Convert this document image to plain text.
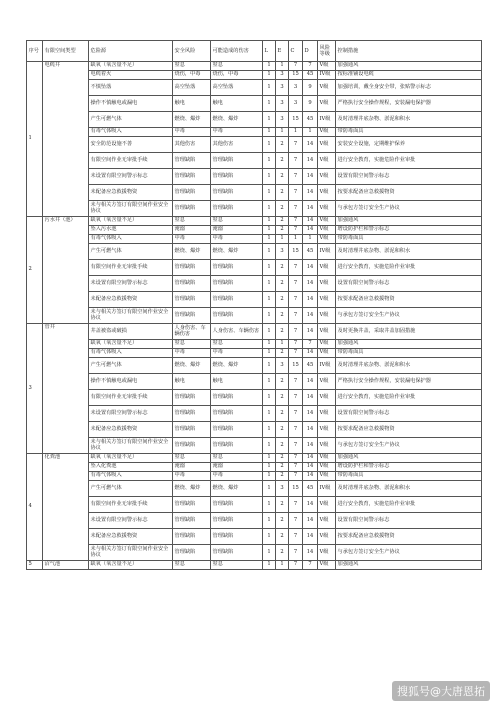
序号	有限空间类型	危险源	安全风险	可能造成的伤害	L	E	C	D	风险等级	控制措施
1	电缆井	缺氧（氧含量不足）	窒息	窒息	1	1	7	7	V级	加强通风
		电缆着火	烧伤，中毒	烧伤，中毒	1	3	15	45	IV级	按标准铺设电缆
		不慎坠落	高空坠落	高空坠落	1	3	3	9	V级	加强培训，戴全身安全带，张贴警示标志
		操作不慎触电或漏电	触电	触电	1	3	3	9	V级	严格执行安全操作规程，安装漏电保护器
		产生可燃气体	燃烧、爆炸	燃烧、爆炸	1	3	15	45	IV级	及时清理井底杂物、淤泥和积水
		有毒气体吸入	中毒	中毒	1	1	1	1	V级	带防毒面具
		安全防范设施不善	其他伤害	其他伤害	1	2	7	14	V级	安装安全设施，定期维护保养
		有限空间作业无审批手续	管理缺陷	管理缺陷	1	2	7	14	V级	进行安全教育，实施危险作业审批
		未设置有限空间警示标志	管理缺陷	管理缺陷	1	2	7	14	V级	设置有限空间警示标志
		未配备应急救援物资	管理缺陷	管理缺陷	1	2	7	14	V级	按要求配备应急救援物资
		未与相关方签订有限空间作业安全协议	管理缺陷	管理缺陷	1	2	7	14	V级	与承包方签订安全生产协议
2	污水井（池）	缺氧（氧含量不足）	窒息	窒息	1	2	7	14	V级	加强通风
		坠入污水池	淹溺	淹溺	1	2	7	14	V级	增设防护栏和警示标志
		有毒气体吸入	中毒	中毒	1	1	1	1	V级	带防毒面具
		产生可燃气体	燃烧、爆炸	燃烧、爆炸	1	3	15	45	IV级	及时清理井底杂物、淤泥和积水
		有限空间作业无审批手续	管理缺陷	管理缺陷	1	2	7	14	V级	进行安全教育，实施危险作业审批
		未设置有限空间警示标志	管理缺陷	管理缺陷	1	2	7	14	V级	设置有限空间警示标志
		未配备应急救援物资	管理缺陷	管理缺陷	1	2	7	14	V级	按要求配备应急救援物资
		未与相关方签订有限空间作业安全协议	管理缺陷	管理缺陷	1	2	7	14	V级	与承包方签订安全生产协议
3	管井	井盖被盗或破损	人身伤害、车辆伤害	人身伤害、车辆伤害	1	2	7	14	V级	及时更换井盖，采取井盖加固措施
		缺氧（氧含量不足）	窒息	窒息	1	1	7	7	V级	加强通风
		有毒气体吸入	中毒	中毒	1	2	7	14	V级	带防毒面具
		产生可燃气体	燃烧、爆炸	燃烧、爆炸	1	3	15	45	IV级	及时清理井底杂物、淤泥和积水
		操作不慎触电或漏电	触电	触电	1	2	7	14	V级	严格执行安全操作规程，安装漏电保护器
		有限空间作业无审批手续	管理缺陷	管理缺陷	1	2	7	14	V级	进行安全教育，实施危险作业审批
		未设置有限空间警示标志	管理缺陷	管理缺陷	1	2	7	14	V级	设置有限空间警示标志
		未配备应急救援物资	管理缺陷	管理缺陷	1	2	7	14	V级	按要求配备应急救援物资
		未与相关方签订有限空间作业安全协议	管理缺陷	管理缺陷	1	2	7	14	V级	与承包方签订安全生产协议
4	化粪池	缺氧（氧含量不足）	窒息	窒息	1	2	7	14	V级	加强通风
		坠入化粪池	淹溺	淹溺	1	2	7	14	V级	增设防护栏和警示标志
		有毒气体吸入	中毒	中毒	1	2	7	14	V级	带防毒面具
		产生可燃气体	燃烧、爆炸	燃烧、爆炸	1	3	15	45	IV级	及时清理井底杂物、淤泥和积水
		有限空间作业无审批手续	管理缺陷	管理缺陷	1	2	7	14	V级	进行安全教育，实施危险作业审批
		未设置有限空间警示标志	管理缺陷	管理缺陷	1	2	7	14	V级	设置有限空间警示标志
		未配备应急救援物资	管理缺陷	管理缺陷	1	2	7	14	V级	按要求配备应急救援物资
		未与相关方签订有限空间作业安全协议	管理缺陷	管理缺陷	1	2	7	14	V级	与承包方签订安全生产协议
5	沼气池	缺氧（氧含量不足）	窒息	窒息	1	1	7	7	V级	加强通风
搜狐号@大唐恩拓
